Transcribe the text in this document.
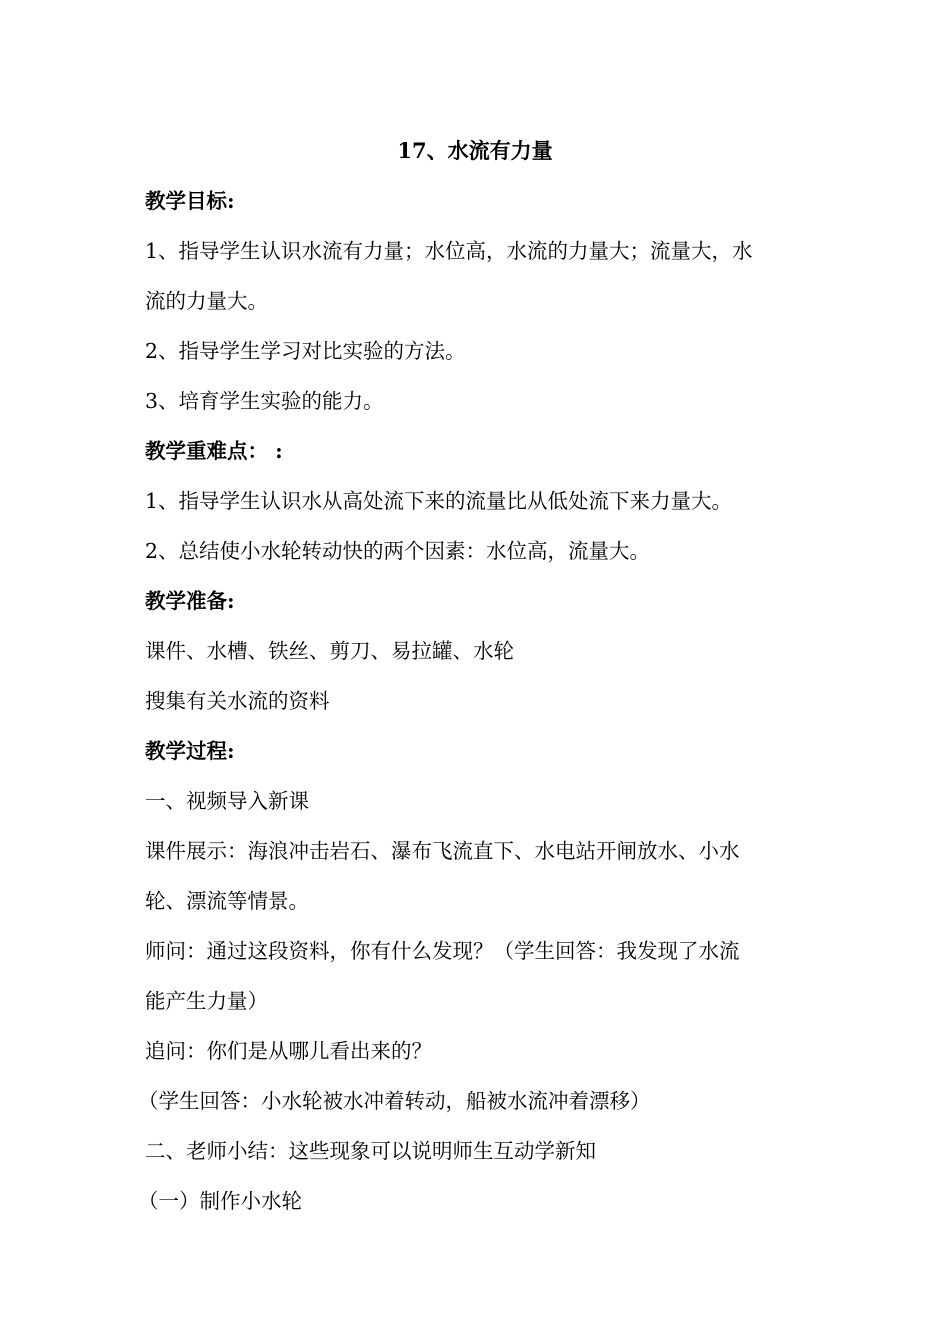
17、水流有力量
教学目标:
1、指导学生认识水流有力量；水位高，水流的力量大；流量大，水
流的力量大。
2、指导学生学习对比实验的方法。
3、培育学生实验的能力。
教学重难点： :
1、指导学生认识水从高处流下来的流量比从低处流下来力量大。
2、总结使小水轮转动快的两个因素：水位高，流量大。
教学准备:
课件、水槽、铁丝、剪刀、易拉罐、水轮
搜集有关水流的资料
教学过程:
一、视频导入新课
课件展示：海浪冲击岩石、瀑布飞流直下、水电站开闸放水、小水
轮、漂流等情景。
师问：通过这段资料，你有什么发现？（学生回答：我发现了水流
能产生力量）
追问：你们是从哪儿看出来的？
（学生回答：小水轮被水冲着转动，船被水流冲着漂移）
二、老师小结：这些现象可以说明师生互动学新知
（一）制作小水轮
